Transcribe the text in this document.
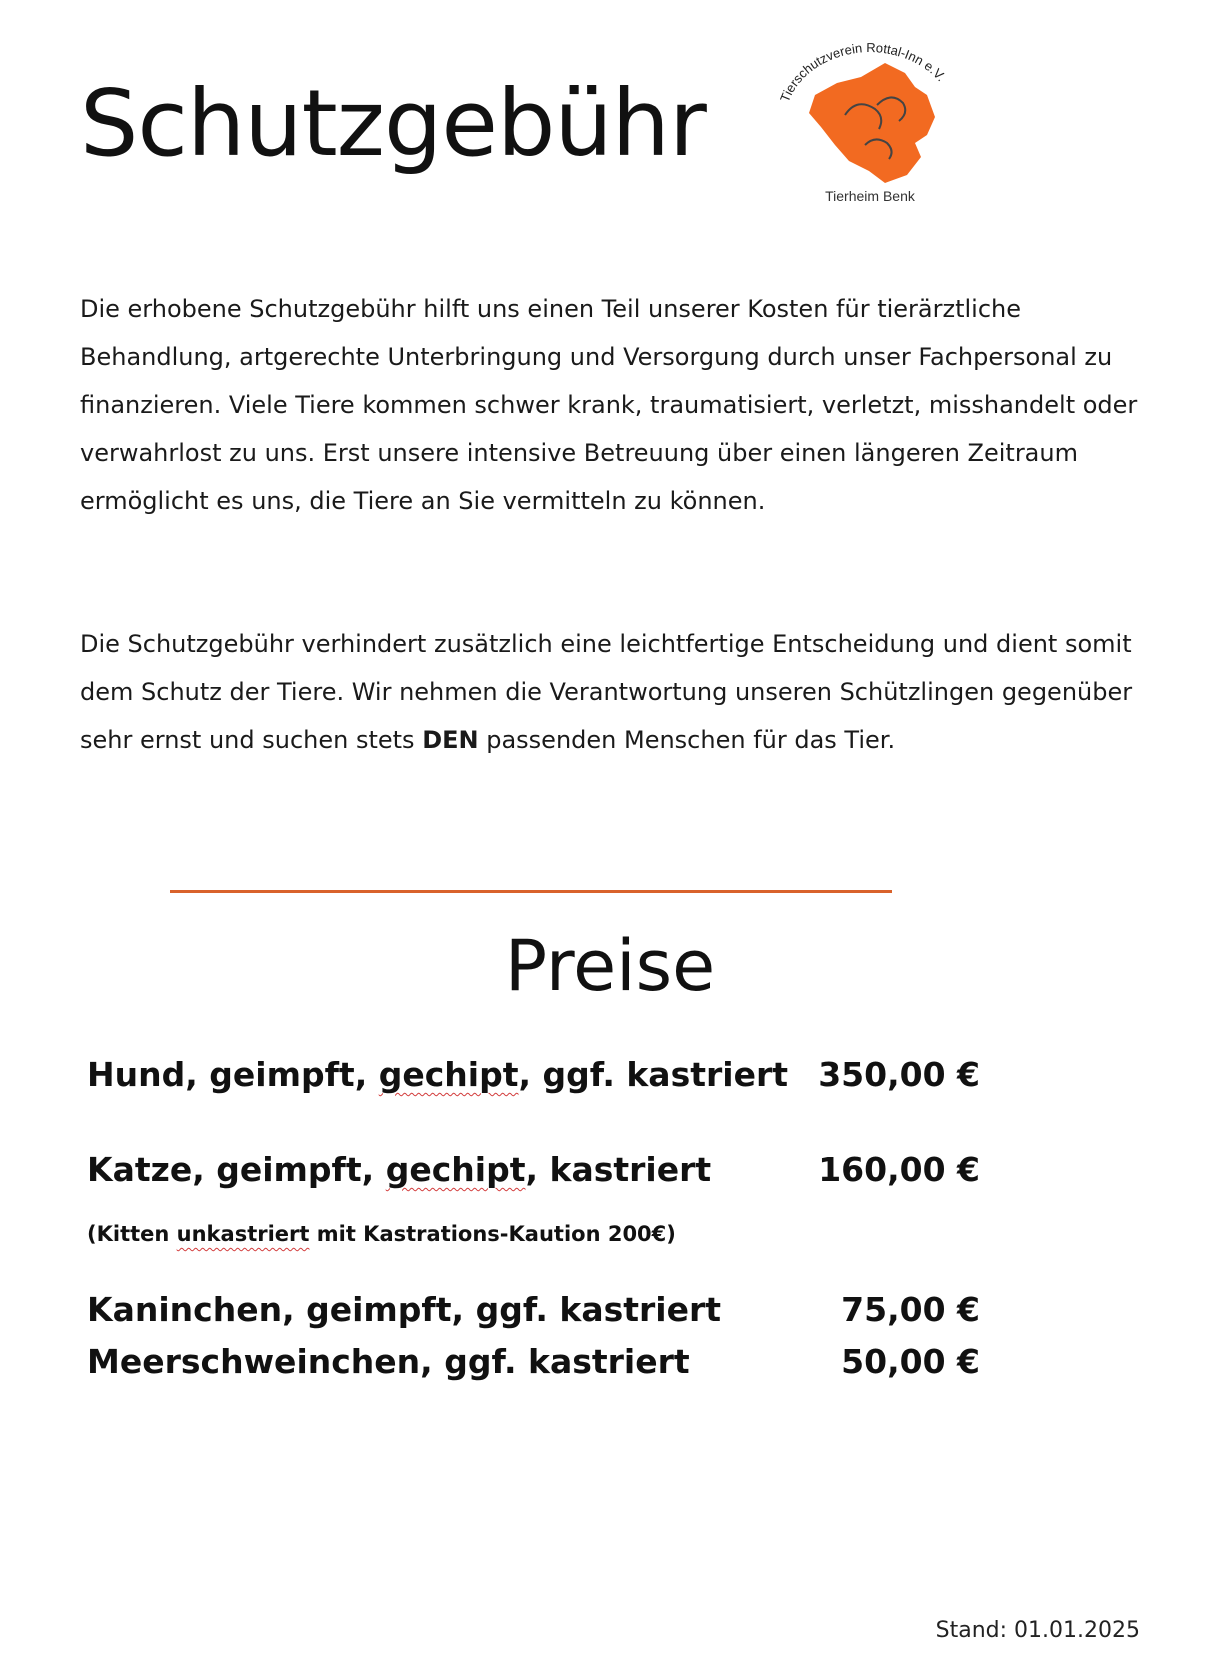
Schutzgebühr	Tierschutzverein Rottal-Inn e.V.
Tierheim Benk

Die erhobene Schutzgebühr hilft uns einen Teil unserer Kosten für tierärztliche Behandlung, artgerechte Unterbringung und Versorgung durch unser Fachpersonal zu finanzieren. Viele Tiere kommen schwer krank, traumatisiert, verletzt, misshandelt oder verwahrlost zu uns. Erst unsere intensive Betreuung über einen längeren Zeitraum ermöglicht es uns, die Tiere an Sie vermitteln zu können.

Die Schutzgebühr verhindert zusätzlich eine leichtfertige Entscheidung und dient somit dem Schutz der Tiere. Wir nehmen die Verantwortung unseren Schützlingen gegenüber sehr ernst und suchen stets DEN passenden Menschen für das Tier.

Preise
Hund, geimpft, gechipt, ggf. kastriert 350,00 €
Katze, geimpft, gechipt, kastriert	160,00 €
(Kitten unkastriert mit Kastrations-Kaution 200€)
Kaninchen, geimpft, ggf. kastriert	75,00 €
Meerschweinchen, ggf. kastriert	50,00 €
Stand: 01.01.2025
